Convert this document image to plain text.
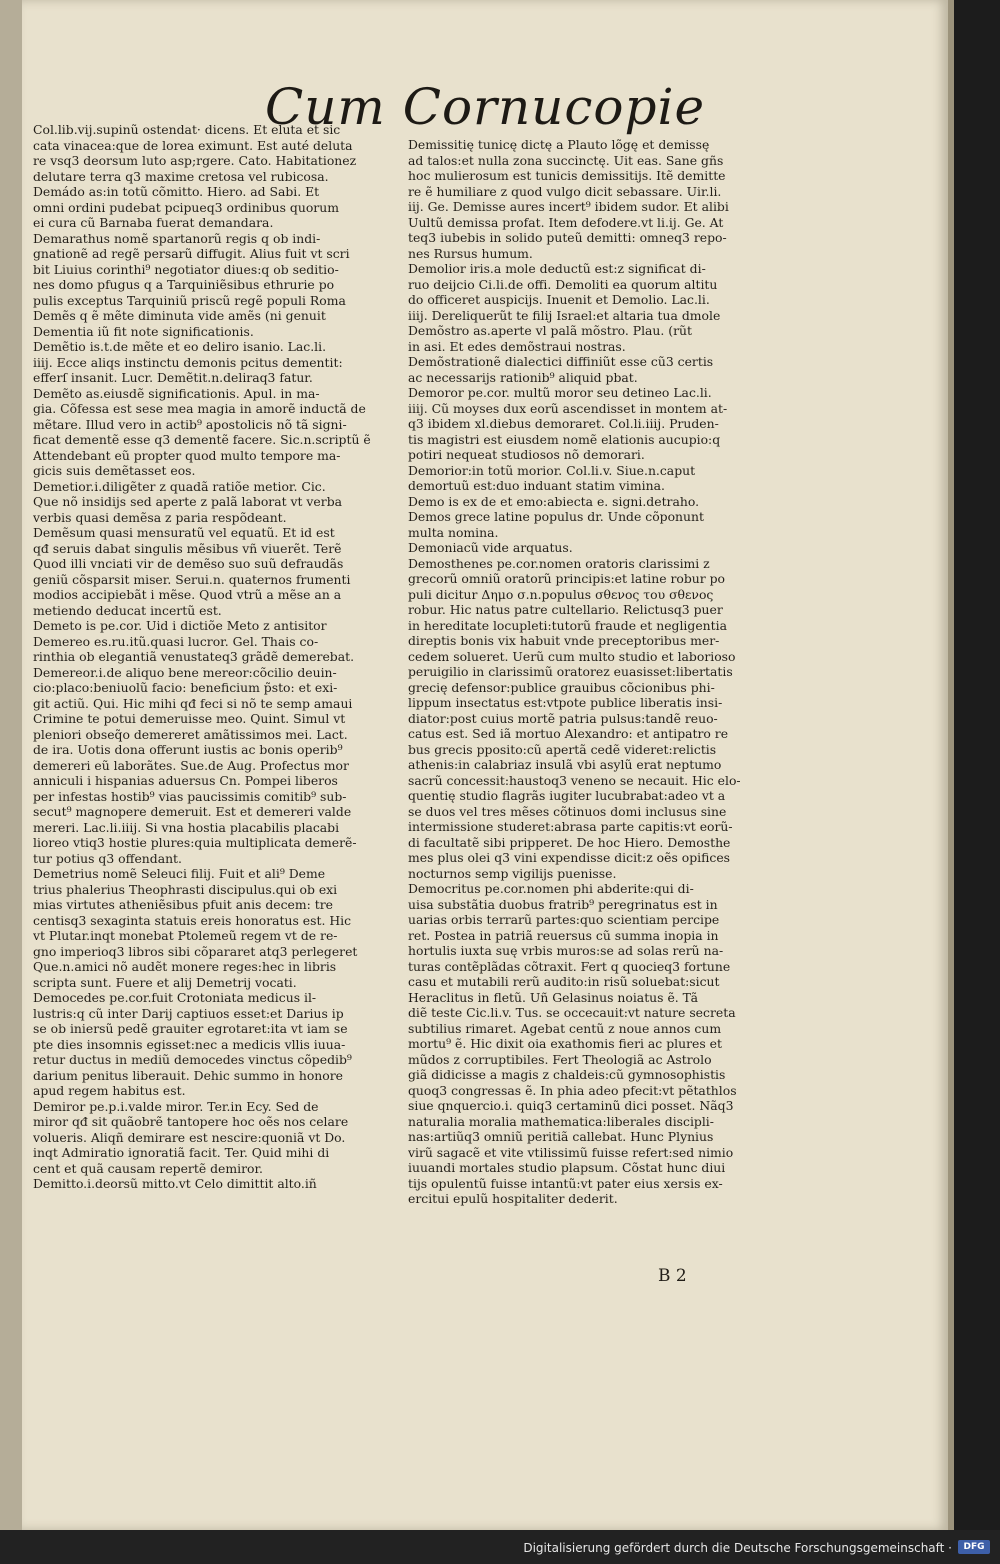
Cum Cornucopie
Col.lib.vij.supinũ ostendat· dicens. Et eluta et sic
cata vinacea:que de lorea eximunt. Est auté deluta
re vsq3 deorsum luto asp;rgere. Cato. Habitationez
delutare terra q3 maxime cretosa vel rubicosa.
Demádo as:in totũ cõmitto. Hiero. ad Sabi. Et
omni ordini pudebat pcipueq3 ordinibus quorum
ei cura cũ Barnaba fuerat demandara.
Demarathus nomẽ spartanorũ regis q ob indi-
gnationẽ ad regẽ persarũ diffugit. Alius fuit vt scri
bit Liuius corinthi⁹ negotiator diues:q ob seditio-
nes domo pfugus q a Tarquiniẽsibus ethrurie po
pulis exceptus Tarquiniũ priscũ regẽ populi Roma
Demẽs q ẽ mẽte diminuta vide amẽs (ni genuit
Dementia iũ fit note significationis.
Demẽtio is.t.de mẽte et eo deliro isanio. Lac.li.
iiij. Ecce aliqs instinctu demonis pcitus dementit:
efferſ insanit. Lucr. Demẽtit.n.deliraq3 fatur.
Demẽto as.eiusdẽ significationis. Apul. in ma-
gia. Cõfessa est sese mea magia in amorẽ inductã de
mẽtare. Illud vero in actib⁹ apostolicis nõ tã signi-
ficat dementẽ esse q3 dementẽ facere. Sic.n.scriptũ ẽ
Attendebant eũ propter quod multo tempore ma-
gicis suis demẽtasset eos.
Demetior.i.diligẽter z quadã ratiõe metior. Cic.
Que nõ insidijs sed aperte z palã laborat vt verba
verbis quasi demẽsa z paria respõdeant.
Demẽsum quasi mensuratũ vel equatũ. Et id est
qđ seruis dabat singulis mẽsibus vñ viuerẽt. Terẽ
Quod illi vnciati vir de demẽso suo suũ defraudãs
geniũ cõsparsit miser. Serui.n. quaternos frumenti
modios accipiebãt i mẽse. Quod vtrũ a mẽse an a
metiendo deducat incertũ est.
Demeto is pe.cor. Uid i dictiõe Meto z antisitor
Demereo es.ru.itũ.quasi lucror. Gel. Thais co-
rinthia ob elegantiã venustateq3 grãdẽ demerebat.
Demereor.i.de aliquo bene mereor:cõcilio deuin-
cio:placo:beniuolũ facio: beneficium p̃sto: et exi-
git actiũ. Qui. Hic mihi qđ feci si nõ te semp amaui
Crimine te potui demeruisse meo. Quint. Simul vt
pleniori obseq̃o demereret amãtissimos mei. Lact.
de ira. Uotis dona offerunt iustis ac bonis operib⁹
demereri eũ laborãtes. Sue.de Aug. Profectus mor
anniculi i hispanias aduersus Cn. Pompei liberos
per infestas hostib⁹ vias paucissimis comitib⁹ sub-
secut⁹ magnopere demeruit. Est et demereri valde
mereri. Lac.li.iiij. Si vna hostia placabilis placabi
lioreo vtiq3 hostie plures:quia multiplicata demerẽ-
tur potius q3 offendant.
Demetrius nomẽ Seleuci filij. Fuit et ali⁹ Deme
trius phalerius Theophrasti discipulus.qui ob exi
mias virtutes atheniẽsibus pfuit anis decem: tre
centisq3 sexaginta statuis ereis honoratus est. Hic
vt Plutar.inqt monebat Ptolemeũ regem vt de re-
gno imperioq3 libros sibi cõpararet atq3 perlegeret
Que.n.amici nõ audẽt monere reges:hec in libris
scripta sunt. Fuere et alij Demetrij vocati.
Democedes pe.cor.fuit Crotoniata medicus il-
lustris:q cũ inter Darij captiuos esset:et Darius ip
se ob iniersũ pedẽ grauiter egrotaret:ita vt iam se
pte dies insomnis egisset:nec a medicis vllis iuua-
retur ductus in mediũ democedes vinctus cõpedib⁹
darium penitus liberauit. Dehic summo in honore
apud regem habitus est.
Demiror pe.p.i.valde miror. Ter.in Ecy. Sed de
miror qđ sit quãobrẽ tantopere hoc oẽs nos celare
volueris. Aliqñ demirare est nescire:quoniã vt Do.
inqt Admiratio ignoratiã facit. Ter. Quid mihi di
cent et quã causam repertẽ demiror.
Demitto.i.deorsũ mitto.vt Celo dimittit alto.iñ
Demissitię tunicę dictę a Plauto lõgę et demissę
ad talos:et nulla zona succinctę. Uit eas. Sane gñs
hoc mulierosum est tunicis demissitijs. Itẽ demitte
re ẽ humiliare z quod vulgo dicit sebassare. Uir.li.
iij. Ge. Demisse aures incert⁹ ibidem sudor. Et alibi
Uultũ demissa profat. Item defodere.vt li.ij. Ge. At
teq3 iubebis in solido puteũ demitti: omneq3 repo-
nes Rursus humum.
Demolior iris.a mole deductũ est:z significat di-
ruo deijcio Ci.li.de offi. Demoliti ea quorum altitu
do officeret auspicijs. Inuenit et Demolio. Lac.li.
iiij. Dereliquerũt te filij Israel:et altaria tua dmole
Demõstro as.aperte vl palã mõstro. Plau. (rũt
in asi. Et edes demõstraui nostras.
Demõstrationẽ dialectici diffiniũt esse cũ3 certis
ac necessarijs rationib⁹ aliquid pbat.
Demoror pe.cor. multũ moror seu detineo Lac.li.
iiij. Cũ moyses dux eorũ ascendisset in montem at-
q3 ibidem xl.diebus demoraret. Col.li.iiij. Pruden-
tis magistri est eiusdem nomẽ elationis aucupio:q
potiri nequeat studiosos nõ demorari.
Demorior:in totũ morior. Col.li.v. Siue.n.caput
demortuũ est:duo induant statim vimina.
Demo is ex de et emo:abiecta e. signi.detraho.
Demos grece latine populus dr. Unde cõponunt
multa nomina.
Demoniacũ vide arquatus.
Demosthenes pe.cor.nomen oratoris clarissimi z
grecorũ omniũ oratorũ principis:et latine robur po
puli dicitur Δημο σ.n.populus σθενος του σθενος
robur. Hic natus patre cultellario. Relictusq3 puer
in hereditate locupleti:tutorũ fraude et negligentia
direptis bonis vix habuit vnde preceptoribus mer-
cedem solueret. Uerũ cum multo studio et laborioso
peruigilio in clarissimũ oratorez euasisset:libertatis
grecię defensor:publice grauibus cõcionibus phi-
lippum insectatus est:vtpote publice liberatis insi-
diator:post cuius mortẽ patria pulsus:tandẽ reuo-
catus est. Sed iã mortuo Alexandro: et antipatro re
bus grecis pposito:cũ apertã cedẽ videret:relictis
athenis:in calabriaz insulã vbi asylũ erat neptumo
sacrũ concessit:haustoq3 veneno se necauit. Hic elo-
quentię studio flagrãs iugiter lucubrabat:adeo vt a
se duos vel tres mẽses cõtinuos domi inclusus sine
intermissione studeret:abrasa parte capitis:vt eorũ-
di facultatẽ sibi pripperet. De hoc Hiero. Demosthe
mes plus olei q3 vini expendisse dicit:z oẽs opifices
nocturnos semp vigilijs puenisse.
Democritus pe.cor.nomen phi abderite:qui di-
uisa substãtia duobus fratrib⁹ peregrinatus est in
uarias orbis terrarũ partes:quo scientiam percipe
ret. Postea in patriã reuersus cũ summa inopia in
hortulis iuxta suę vrbis muros:se ad solas rerũ na-
turas contẽplãdas cõtraxit. Fert q quocieq3 fortune
casu et mutabili rerũ audito:in risũ soluebat:sicut
Heraclitus in fletũ. Uñ Gelasinus noiatus ẽ. Tã
diẽ teste Cic.li.v. Tus. se occecauit:vt nature secreta
subtilius rimaret. Agebat centũ z noue annos cum
mortu⁹ ẽ. Hic dixit oia exathomis fieri ac plures et
mũdos z corruptibiles. Fert Theologiã ac Astrolo
giã didicisse a magis z chaldeis:cũ gymnosophistis
quoq3 congressas ẽ. In phia adeo pfecit:vt pẽtathlos
siue qnquercio.i. quiq3 certaminũ dici posset. Nãq3
naturalia moralia mathematica:liberales discipli-
nas:artiũq3 omniũ peritiã callebat. Hunc Plynius
virũ sagacẽ et vite vtilissimũ fuisse refert:sed nimio
iuuandi mortales studio plapsum. Cõstat hunc diui
tijs opulentũ fuisse intantũ:vt pater eius xersis ex-
ercitui epulũ hospitaliter dederit.
B 2
Digitalisierung gefördert durch die Deutsche Forschungsgemeinschaft ·	DFG
